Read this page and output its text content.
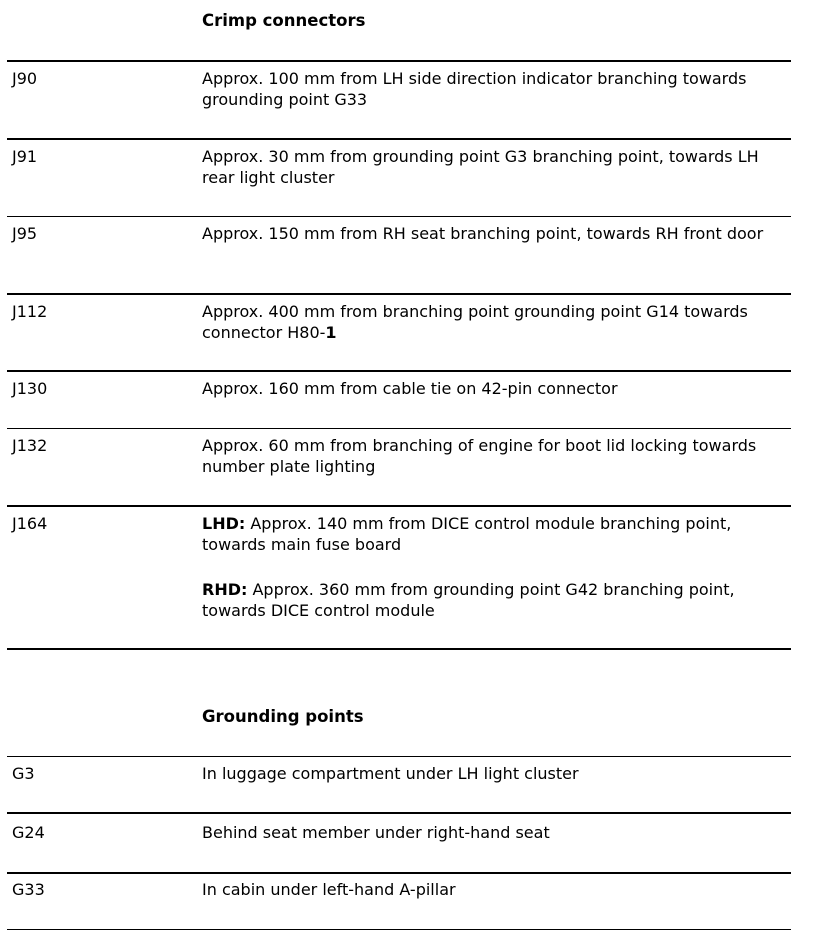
Crimp connectors
J90	Approx. 100 mm from LH side direction indicator branching towards grounding point G33
J91	Approx. 30 mm from grounding point G3 branching point, towards LH rear light cluster
J95	Approx. 150 mm from RH seat branching point, towards RH front door
J112	Approx. 400 mm from branching point grounding point G14 towards connector H80-1
J130	Approx. 160 mm from cable tie on 42-pin connector
J132	Approx. 60 mm from branching of engine for boot lid locking towards number plate lighting
J164	LHD: Approx. 140 mm from DICE control module branching point, towards main fuse board
RHD: Approx. 360 mm from grounding point G42 branching point, towards DICE control module
Grounding points
G3	In luggage compartment under LH light cluster
G24	Behind seat member under right-hand seat
G33	In cabin under left-hand A-pillar
